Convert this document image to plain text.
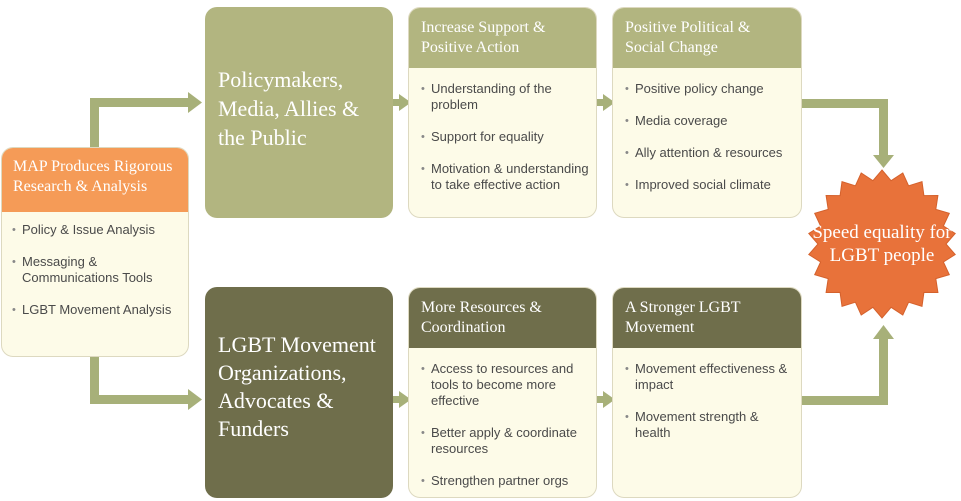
MAP Produces Rigorous Research & Analysis
• Policy & Issue Analysis
• Messaging & Communications Tools
• LGBT Movement Analysis
Policymakers, Media, Allies & the Public
LGBT Movement Organizations, Advocates & Funders
Increase Support & Positive Action
• Understanding of the problem
• Support for equality
• Motivation & understanding to take effective action
Positive Political & Social Change
• Positive policy change
• Media coverage
• Ally attention & resources
• Improved social climate
More Resources & Coordination
• Access to resources and tools to become more effective
• Better apply & coordinate resources
• Strengthen partner orgs
A Stronger LGBT Movement
• Movement effectiveness & impact
• Movement strength & health
Speed equality for LGBT people
